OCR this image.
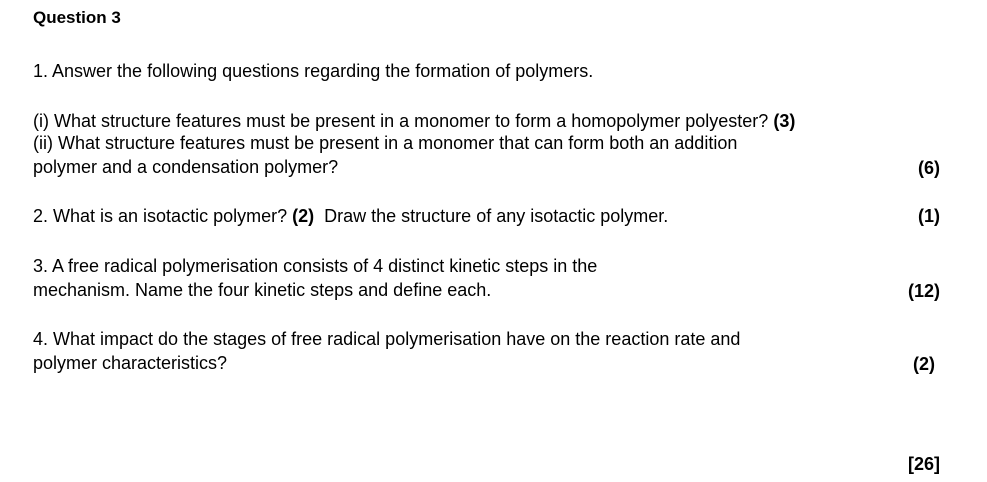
Question 3
1. Answer the following questions regarding the formation of polymers.
(i) What structure features must be present in a monomer to form a homopolymer polyester? (3)
(ii) What structure features must be present in a monomer that can form both an addition
polymer and a condensation polymer?	(6)
2. What is an isotactic polymer? (2) Draw the structure of any isotactic polymer.	(1)
3. A free radical polymerisation consists of 4 distinct kinetic steps in the
mechanism. Name the four kinetic steps and define each.	(12)
4. What impact do the stages of free radical polymerisation have on the reaction rate and
polymer characteristics?	(2)
[26]
